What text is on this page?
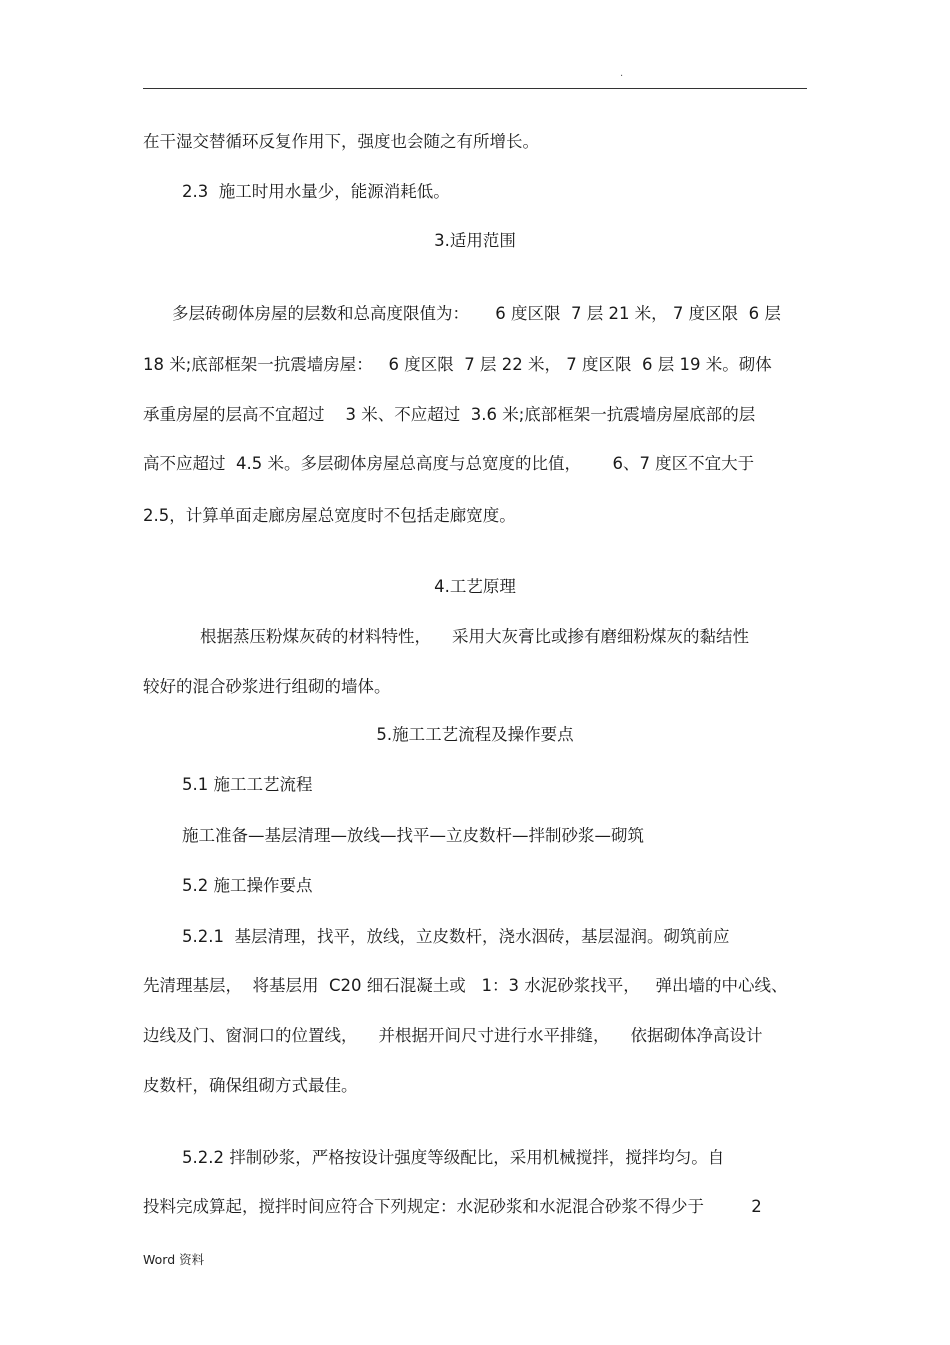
.

在干湿交替循环反复作用下，强度也会随之有所增长。

2.3  施工时用水量少，能源消耗低。

3.适用范围

多层砖砌体房屋的层数和总高度限值为：     6 度区限  7 层 21 米， 7 度区限  6 层

18 米;底部框架一抗震墙房屋：   6 度区限  7 层 22 米， 7 度区限  6 层 19 米。砌体

承重房屋的层高不宜超过    3 米、不应超过  3.6 米;底部框架一抗震墙房屋底部的层

高不应超过  4.5 米。多层砌体房屋总高度与总宽度的比值，      6、7 度区不宜大于

2.5，计算单面走廊房屋总宽度时不包括走廊宽度。

4.工艺原理

根据蒸压粉煤灰砖的材料特性，    采用大灰膏比或掺有磨细粉煤灰的黏结性

较好的混合砂浆进行组砌的墙体。

5.施工工艺流程及操作要点

5.1 施工工艺流程

施工准备—基层清理—放线—找平—立皮数杆—拌制砂浆—砌筑

5.2 施工操作要点

5.2.1  基层清理，找平，放线，立皮数杆，浇水洇砖，基层湿润。砌筑前应

先清理基层，  将基层用  C20 细石混凝土或   1：3 水泥砂浆找平，   弹出墙的中心线、

边线及门、窗洞口的位置线，    并根据开间尺寸进行水平排缝，    依据砌体净高设计

皮数杆，确保组砌方式最佳。

5.2.2 拌制砂浆，严格按设计强度等级配比，采用机械搅拌，搅拌均匀。自

投料完成算起，搅拌时间应符合下列规定：水泥砂浆和水泥混合砂浆不得少于         2

Word 资料
